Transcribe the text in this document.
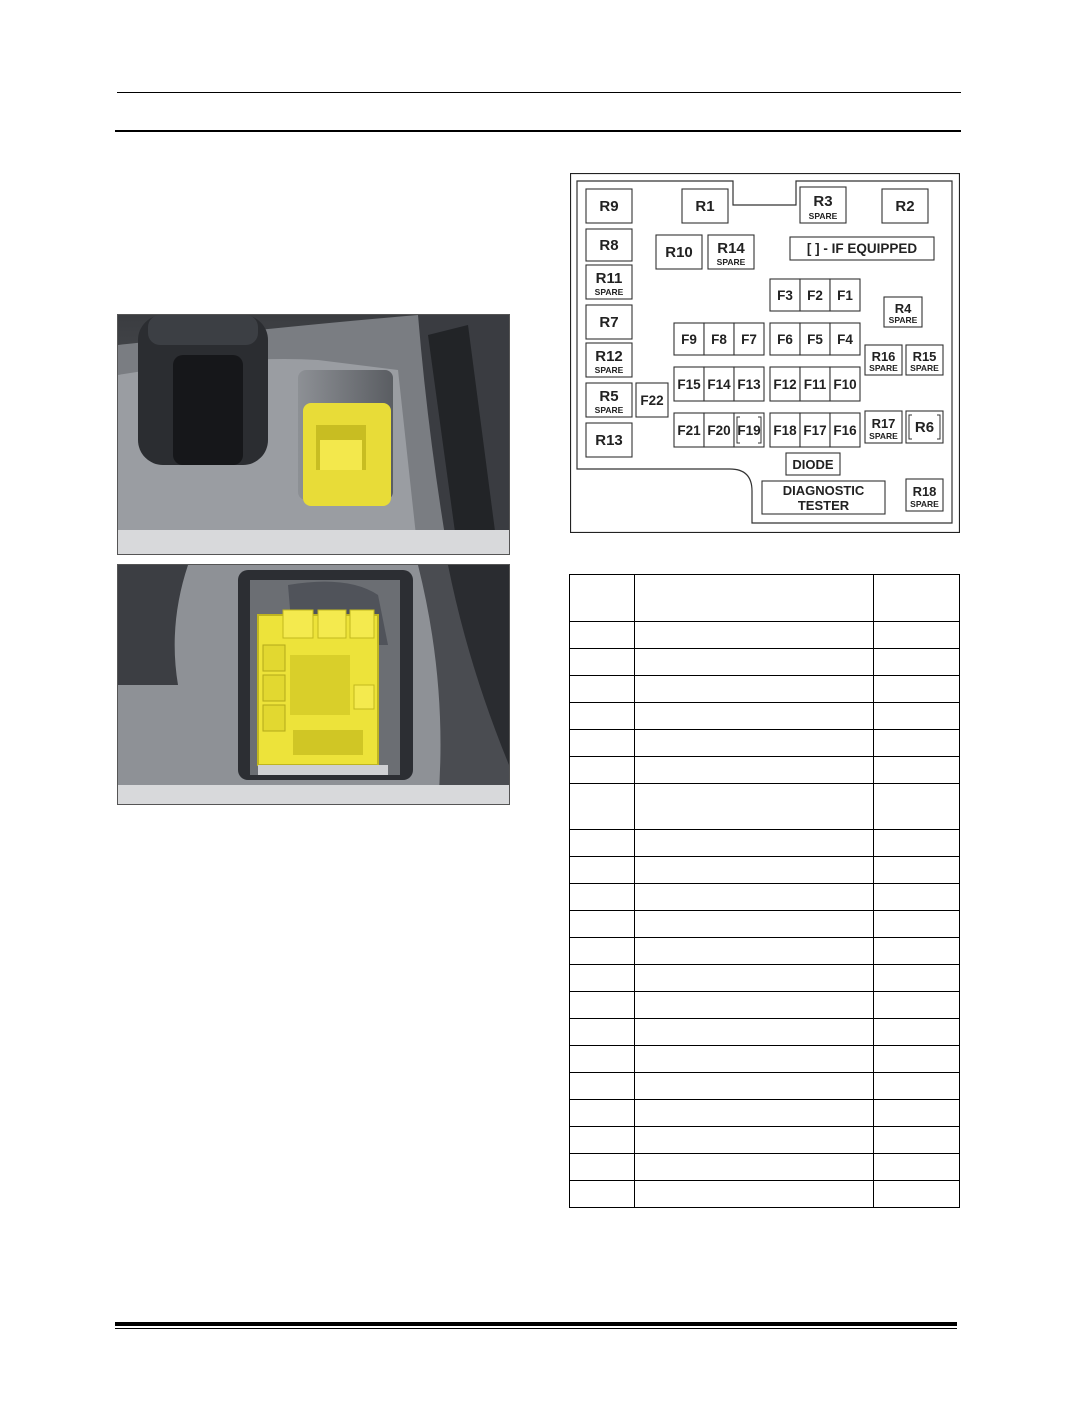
R9
R8
R11
SPARE
R7
R12
SPARE
R5
SPARE
R13
R1	R3
SPARE
R2
R10 R14
SPARE
F3 F2 F1
R4
SPARE
F9 F8 F7 F6 F5 F4
R16
SPARE
R15
SPARE
F22
F15 F14 F13 F12 F11 F10
F21 F20 F19 F18 F17 F16 R17
SPARE R6
DIODE
DIAGNOSTIC
TESTER
R18
SPARE
[ ] - IF EQUIPPED
